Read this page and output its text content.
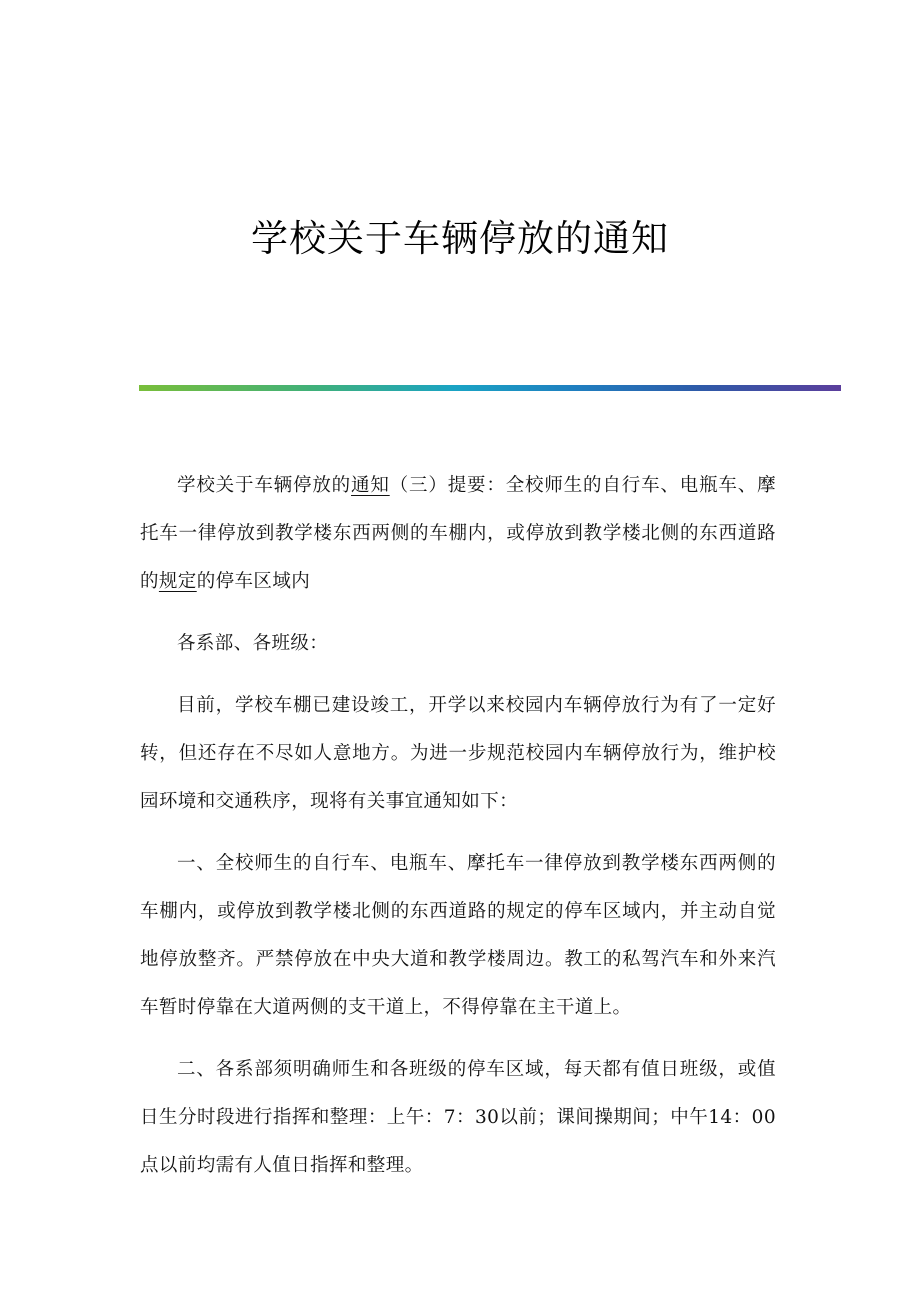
学校关于车辆停放的通知

学校关于车辆停放的通知（三）提要：全校师生的自行车、电瓶车、摩托车一律停放到教学楼东西两侧的车棚内，或停放到教学楼北侧的东西道路的规定的停车区域内

各系部、各班级：

目前，学校车棚已建设竣工，开学以来校园内车辆停放行为有了一定好转，但还存在不尽如人意地方。为进一步规范校园内车辆停放行为，维护校园环境和交通秩序，现将有关事宜通知如下：

一、全校师生的自行车、电瓶车、摩托车一律停放到教学楼东西两侧的车棚内，或停放到教学楼北侧的东西道路的规定的停车区域内，并主动自觉地停放整齐。严禁停放在中央大道和教学楼周边。教工的私驾汽车和外来汽车暂时停靠在大道两侧的支干道上，不得停靠在主干道上。

二、各系部须明确师生和各班级的停车区域，每天都有值日班级，或值日生分时段进行指挥和整理：上午：7：30以前；课间操期间；中午14：00点以前均需有人值日指挥和整理。
